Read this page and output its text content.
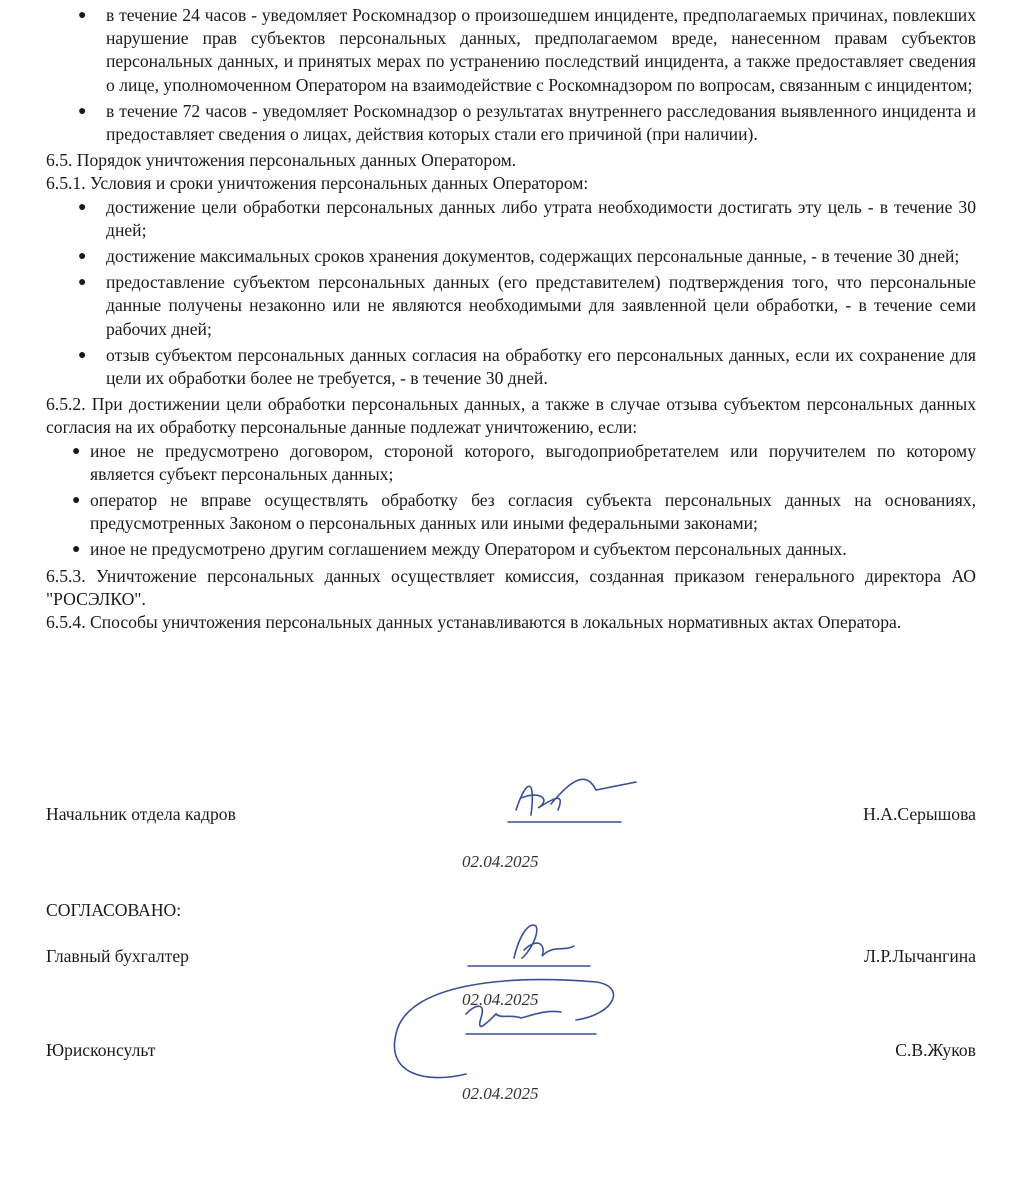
● в течение 24 часов - уведомляет Роскомнадзор о произошедшем инциденте, предполагаемых причинах, повлекших нарушение прав субъектов персональных данных, предполагаемом вреде, нанесенном правам субъектов персональных данных, и принятых мерах по устранению последствий инцидента, а также предоставляет сведения о лице, уполномоченном Оператором на взаимодействие с Роскомнадзором по вопросам, связанным с инцидентом;
● в течение 72 часов - уведомляет Роскомнадзор о результатах внутреннего расследования выявленного инцидента и предоставляет сведения о лицах, действия которых стали его причиной (при наличии).

6.5. Порядок уничтожения персональных данных Оператором.

6.5.1. Условия и сроки уничтожения персональных данных Оператором:

● достижение цели обработки персональных данных либо утрата необходимости достигать эту цель - в течение 30 дней;
● достижение максимальных сроков хранения документов, содержащих персональные данные, - в течение 30 дней;
● предоставление субъектом персональных данных (его представителем) подтверждения того, что персональные данные получены незаконно или не являются необходимыми для заявленной цели обработки, - в течение семи рабочих дней;
● отзыв субъектом персональных данных согласия на обработку его персональных данных, если их сохранение для цели их обработки более не требуется, - в течение 30 дней.

6.5.2. При достижении цели обработки персональных данных, а также в случае отзыва субъектом персональных данных согласия на их обработку персональные данные подлежат уничтожению, если:

● иное не предусмотрено договором, стороной которого, выгодоприобретателем или поручителем по которому является субъект персональных данных;
● оператор не вправе осуществлять обработку без согласия субъекта персональных данных на основаниях, предусмотренных Законом о персональных данных или иными федеральными законами;
● иное не предусмотрено другим соглашением между Оператором и субъектом персональных данных.

6.5.3. Уничтожение персональных данных осуществляет комиссия, созданная приказом генерального директора АО "РОСЭЛКО".

6.5.4. Способы уничтожения персональных данных устанавливаются в локальных нормативных актах Оператора.

Начальник отдела кадров	Н.А.Серышова
02.04.2025
СОГЛАСОВАНО:
Главный бухгалтер	Л.Р.Лычангина
02.04.2025
Юрисконсульт	С.В.Жуков
02.04.2025
